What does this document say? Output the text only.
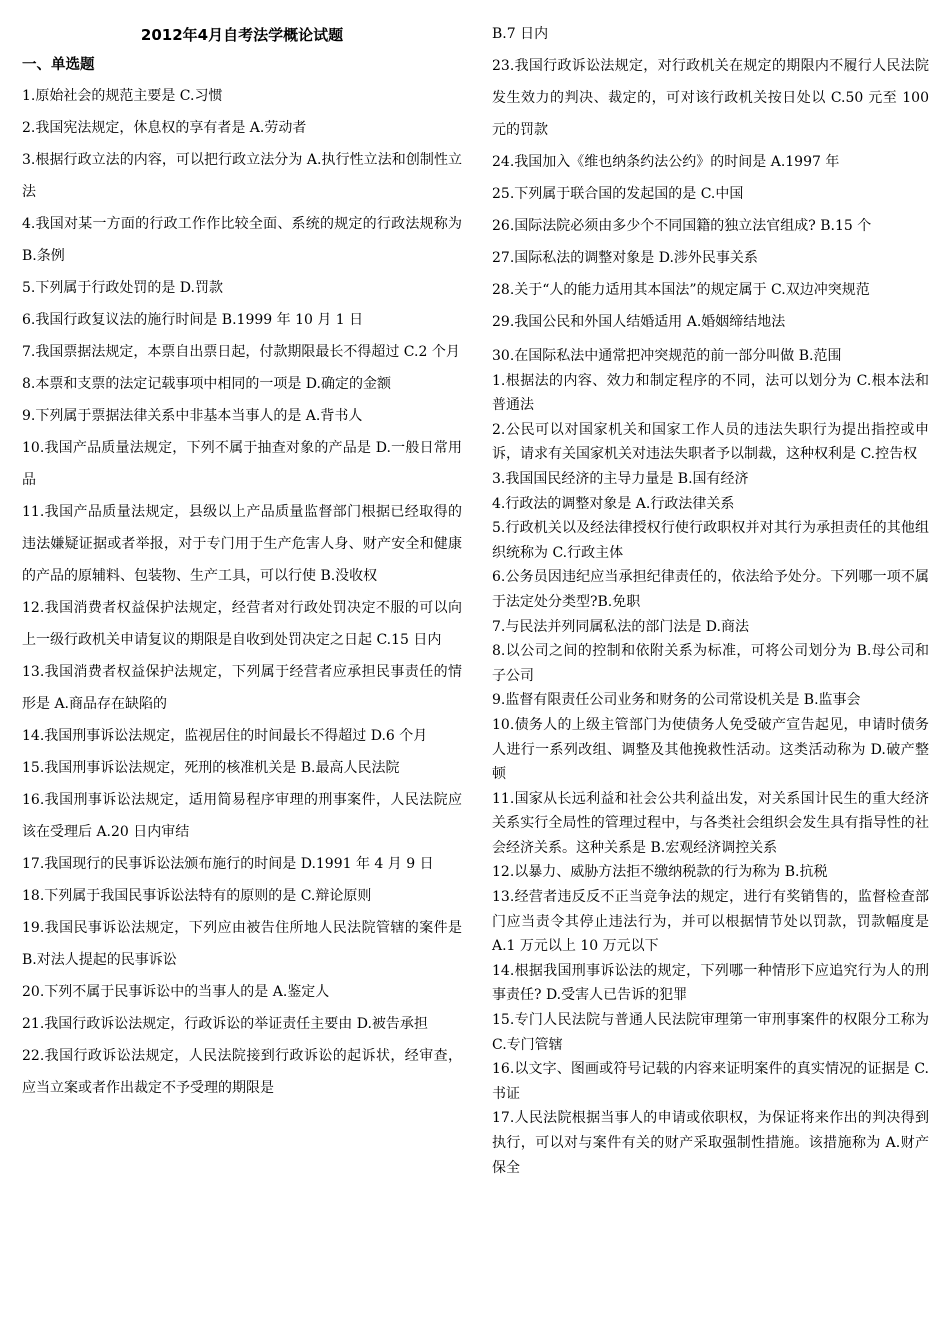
2012年4月自考法学概论试题
一、单选题
1.原始社会的规范主要是 C.习惯
2.我国宪法规定，休息权的享有者是 A.劳动者
3.根据行政立法的内容，可以把行政立法分为 A.执行性立法和创制性立法
4.我国对某一方面的行政工作作比较全面、系统的规定的行政法规称为 B.条例
5.下列属于行政处罚的是 D.罚款
6.我国行政复议法的施行时间是 B.1999 年 10 月 1 日
7.我国票据法规定，本票自出票日起，付款期限最长不得超过 C.2 个月
8.本票和支票的法定记载事项中相同的一项是 D.确定的金额
9.下列属于票据法律关系中非基本当事人的是 A.背书人
10.我国产品质量法规定，下列不属于抽查对象的产品是 D.一般日常用品
11.我国产品质量法规定，县级以上产品质量监督部门根据已经取得的违法嫌疑证据或者举报，对于专门用于生产危害人身、财产安全和健康的产品的原辅料、包装物、生产工具，可以行使 B.没收权
12.我国消费者权益保护法规定，经营者对行政处罚决定不服的可以向上一级行政机关申请复议的期限是自收到处罚决定之日起 C.15 日内
13.我国消费者权益保护法规定，下列属于经营者应承担民事责任的情形是 A.商品存在缺陷的
14.我国刑事诉讼法规定，监视居住的时间最长不得超过 D.6 个月
15.我国刑事诉讼法规定，死刑的核准机关是 B.最高人民法院
16.我国刑事诉讼法规定，适用简易程序审理的刑事案件，人民法院应该在受理后 A.20 日内审结
17.我国现行的民事诉讼法颁布施行的时间是 D.1991 年 4 月 9 日
18.下列属于我国民事诉讼法特有的原则的是 C.辩论原则
19.我国民事诉讼法规定，下列应由被告住所地人民法院管辖的案件是 B.对法人提起的民事诉讼
20.下列不属于民事诉讼中的当事人的是 A.鉴定人
21.我国行政诉讼法规定，行政诉讼的举证责任主要由 D.被告承担
22.我国行政诉讼法规定，人民法院接到行政诉讼的起诉状，经审查，应当立案或者作出裁定不予受理的期限是
B.7 日内
23.我国行政诉讼法规定，对行政机关在规定的期限内不履行人民法院发生效力的判决、裁定的，可对该行政机关按日处以 C.50 元至 100 元的罚款
24.我国加入《维也纳条约法公约》的时间是 A.1997 年
25.下列属于联合国的发起国的是 C.中国
26.国际法院必须由多少个不同国籍的独立法官组成? B.15 个
27.国际私法的调整对象是 D.涉外民事关系
28.关于“人的能力适用其本国法”的规定属于 C.双边冲突规范
29.我国公民和外国人结婚适用 A.婚姻缔结地法
30.在国际私法中通常把冲突规范的前一部分叫做 B.范围
1.根据法的内容、效力和制定程序的不同，法可以划分为 C.根本法和普通法
2.公民可以对国家机关和国家工作人员的违法失职行为提出指控或申诉，请求有关国家机关对违法失职者予以制裁，这种权利是 C.控告权
3.我国国民经济的主导力量是 B.国有经济
4.行政法的调整对象是 A.行政法律关系
5.行政机关以及经法律授权行使行政职权并对其行为承担责任的其他组织统称为 C.行政主体
6.公务员因违纪应当承担纪律责任的，依法给予处分。下列哪一项不属于法定处分类型?B.免职
7.与民法并列同属私法的部门法是 D.商法
8.以公司之间的控制和依附关系为标准，可将公司划分为 B.母公司和子公司
9.监督有限责任公司业务和财务的公司常设机关是 B.监事会
10.债务人的上级主管部门为使债务人免受破产宣告起见，申请时债务人进行一系列改组、调整及其他挽救性活动。这类活动称为 D.破产整顿
11.国家从长远利益和社会公共利益出发，对关系国计民生的重大经济关系实行全局性的管理过程中，与各类社会组织会发生具有指导性的社会经济关系。这种关系是 B.宏观经济调控关系
12.以暴力、威胁方法拒不缴纳税款的行为称为 B.抗税
13.经营者违反反不正当竞争法的规定，进行有奖销售的，监督检查部门应当责令其停止违法行为，并可以根据情节处以罚款，罚款幅度是 A.1 万元以上 10 万元以下
14.根据我国刑事诉讼法的规定，下列哪一种情形下应追究行为人的刑事责任? D.受害人已告诉的犯罪
15.专门人民法院与普通人民法院审理第一审刑事案件的权限分工称为 C.专门管辖
16.以文字、图画或符号记载的内容来证明案件的真实情况的证据是 C.书证
17.人民法院根据当事人的申请或依职权，为保证将来作出的判决得到执行，可以对与案件有关的财产采取强制性措施。该措施称为 A.财产保全
